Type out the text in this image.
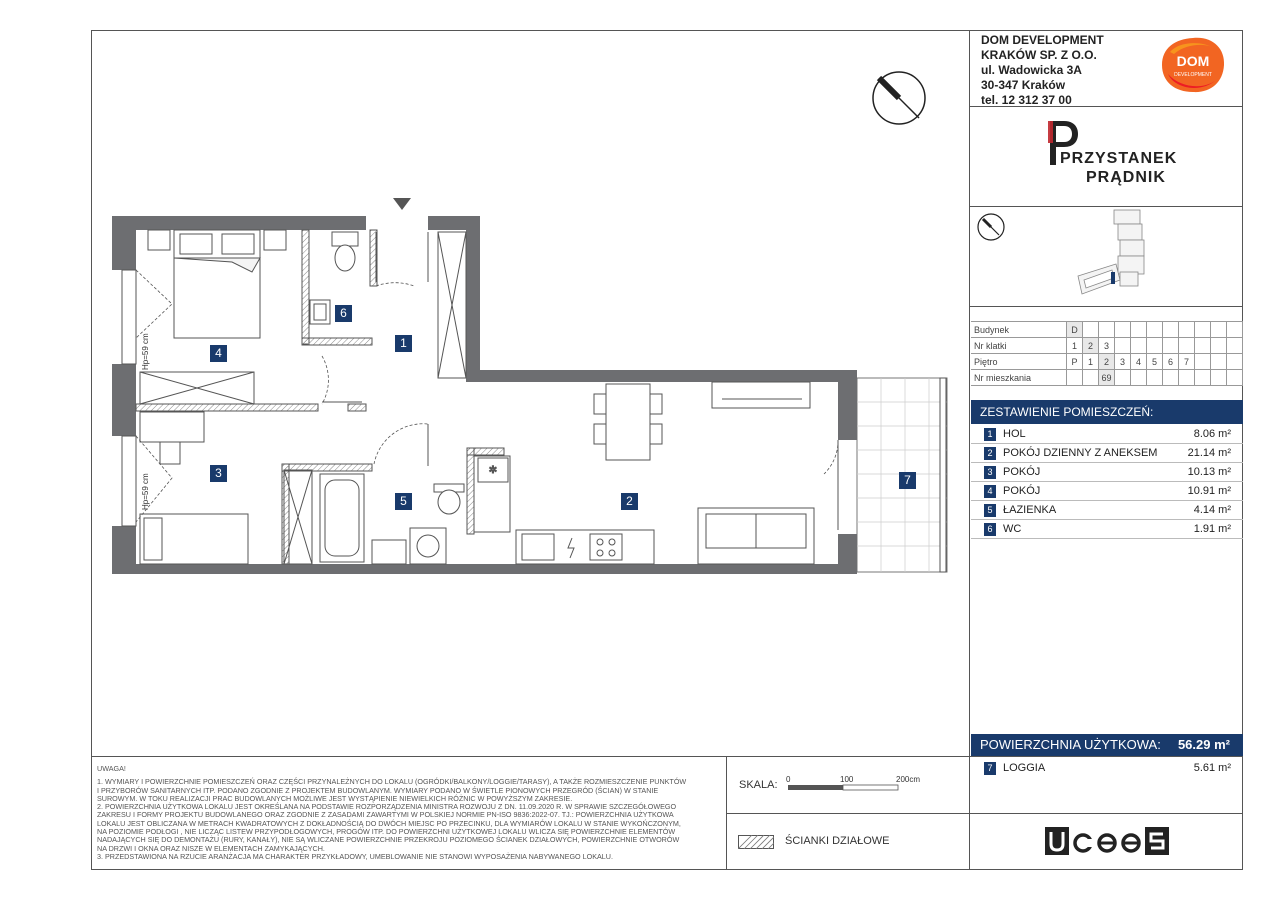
DOM DEVELOPMENT
KRAKÓW SP. Z O.O.
ul. Wadowicka 3A
30-347 Kraków
tel. 12 312 37 00
DOM
DEVELOPMENT
PRZYSTANEK
PRĄDNIK
Budynek	D										
Nr klatki	1	2	3								
Piętro	P	1	2	3	4	5	6	7			
Nr mieszkania			69								
ZESTAWIENIE POMIESZCZEŃ:
1 HOL	8.06 m²
2 POKÓJ DZIENNY Z ANEKSEM	21.14 m²
3 POKÓJ	10.13 m²
4 POKÓJ	10.91 m²
5 ŁAZIENKA	4.14 m²
6 WC	1.91 m²
POWIERZCHNIA UŻYTKOWA: 56.29 m²
7 LOGGIA	5.61 m²
UWAGA!
1. WYMIARY I POWIERZCHNIE POMIESZCZEŃ ORAZ CZĘŚCI PRZYNALEŻNYCH DO LOKALU (OGRÓDKI/BALKONY/LOGGIE/TARASY), A TAKŻE ROZMIESZCZENIE PUNKTÓW
I PRZYBORÓW SANITARNYCH ITP. PODANO ZGODNIE Z PROJEKTEM BUDOWLANYM. WYMIARY PODANO W ŚWIETLE PIONOWYCH PRZEGRÓD (ŚCIAN) W STANIE
SUROWYM. W TOKU REALIZACJI PRAC BUDOWLANYCH MOŻLIWE JEST WYSTĄPIENIE NIEWIELKICH RÓŻNIC W POWYŻSZYM ZAKRESIE.
2. POWIERZCHNIA UŻYTKOWA LOKALU JEST OKREŚLANA NA PODSTAWIE ROZPORZĄDZENIA MINISTRA ROZWOJU Z DN. 11.09.2020 R. W SPRAWIE SZCZEGÓŁOWEGO
ZAKRESU I FORMY PROJEKTU BUDOWLANEGO ORAZ ZGODNIE Z ZASADAMI ZAWARTYMI W POLSKIEJ NORMIE PN-ISO 9836:2022-07. TJ.: POWIERZCHNIA UŻYTKOWA
LOKALU JEST OBLICZANA W METRACH KWADRATOWYCH Z DOKŁADNOŚCIĄ DO DWÓCH MIEJSC PO PRZECINKU, DLA WYMIARÓW LOKALU W STANIE WYKOŃCZONYM,
NA POZIOMIE PODŁOGI , NIE LICZĄC LISTEW PRZYPODŁOGOWYCH, PROGÓW ITP. DO POWIERZCHNI UŻYTKOWEJ LOKALU WLICZA SIĘ POWIERZCHNIE ELEMENTÓW
NADAJĄCYCH SIĘ DO DEMONTAŻU (RURY, KANAŁY), NIE SĄ WLICZANE POWIERZCHNIE PRZEKROJU POZIOMEGO ŚCIANEK DZIAŁOWYCH, POWIERZCHNIE OTWORÓW
NA DRZWI I OKNA ORAZ NISZE W ELEMENTACH ZAMYKAJĄCYCH.
3. PRZEDSTAWIONA NA RZUCIE ARANŻACJA MA CHARAKTER PRZYKŁADOWY, UMEBLOWANIE NIE STANOWI WYPOSAŻENIA NABYWANEGO LOKALU.
SKALA: 0	100	200cm
ŚCIANKI DZIAŁOWE
✲
Hp=59 cm
Hp=59 cm
1
2
3
4
5
6
7
